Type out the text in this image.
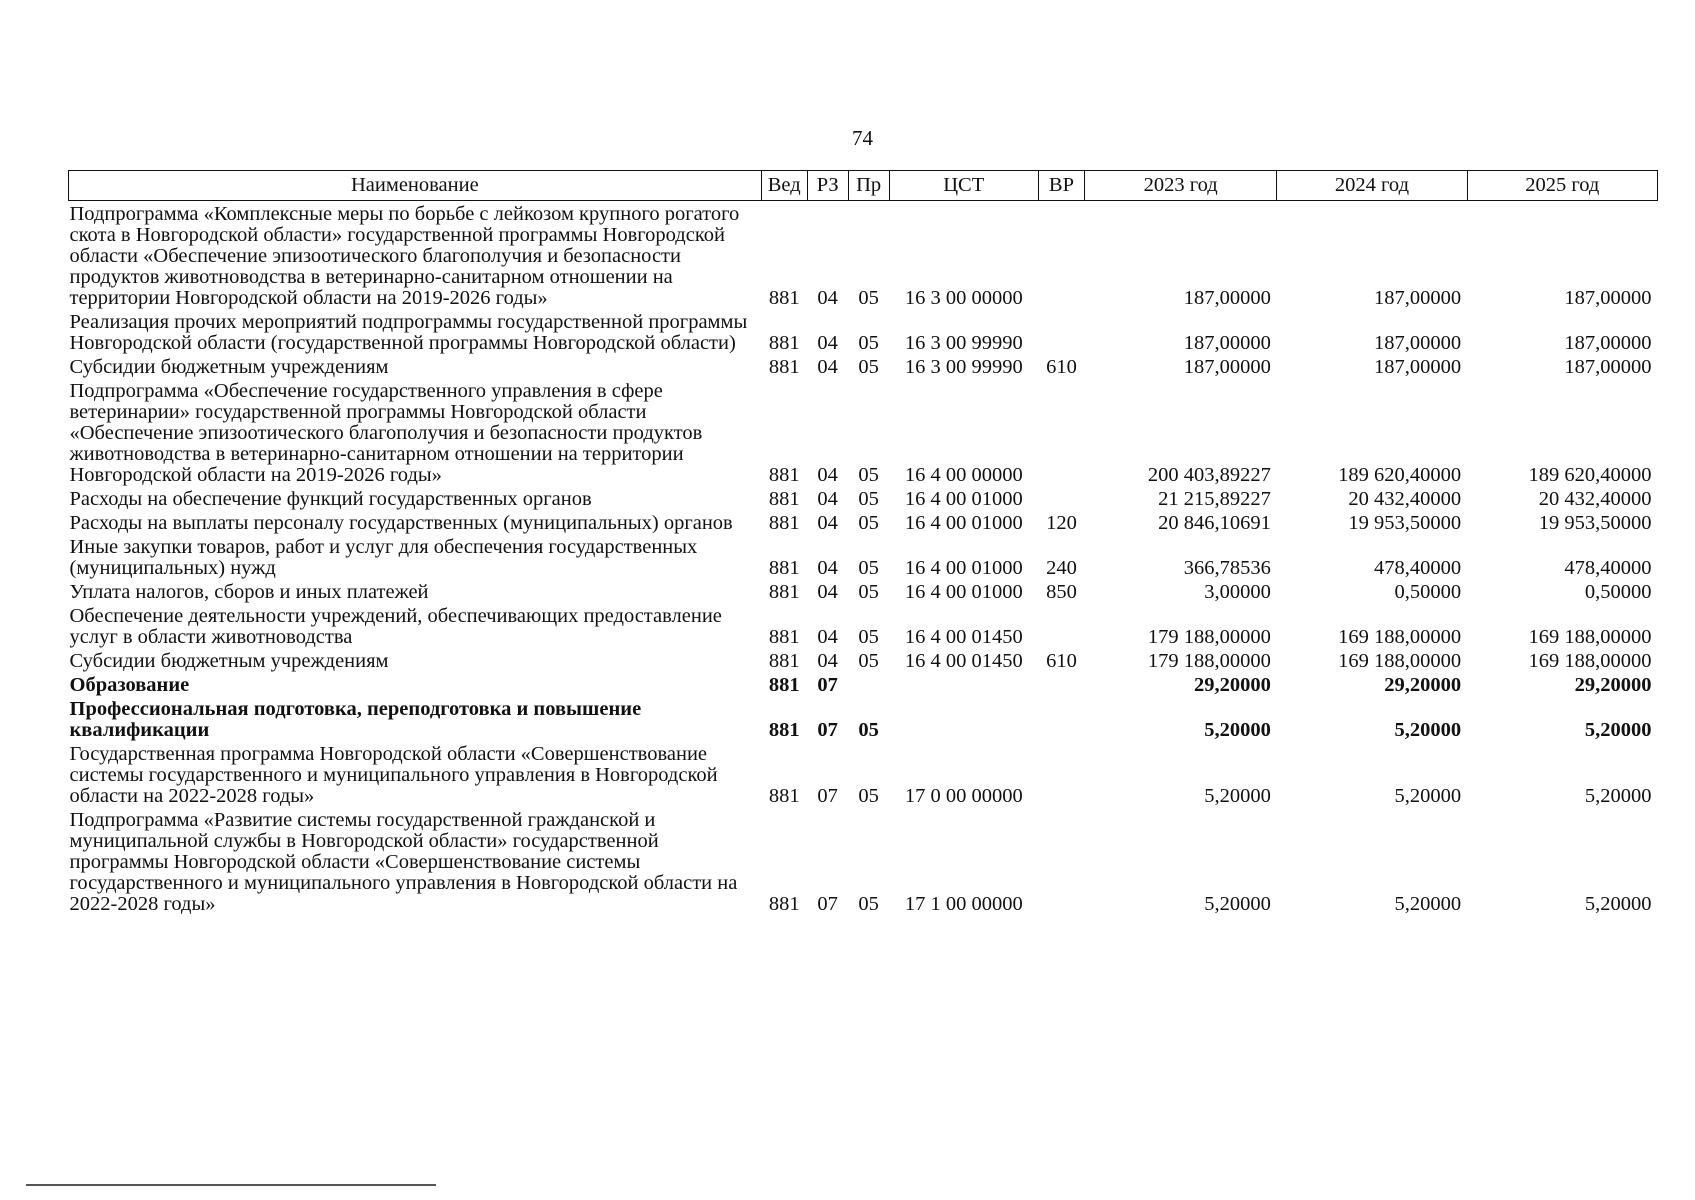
74
Наименование	Вед	РЗ	Пр	ЦСТ	ВР	2023 год	2024 год	2025 год
Подпрограмма «Комплексные меры по борьбе с лейкозом крупного рогатого скота в Новгородской области» государственной программы Новгородской области «Обеспечение эпизоотического благополучия и безопасности продуктов животноводства в ветеринарно-санитарном отношении на территории Новгородской области на 2019-2026 годы»	881	04	05	16 3 00 00000		187,00000	187,00000	187,00000
Реализация прочих мероприятий подпрограммы государственной программы Новгородской области (государственной программы Новгородской области)	881	04	05	16 3 00 99990		187,00000	187,00000	187,00000
Субсидии бюджетным учреждениям	881	04	05	16 3 00 99990	610	187,00000	187,00000	187,00000
Подпрограмма «Обеспечение государственного управления в сфере ветеринарии» государственной программы Новгородской области «Обеспечение эпизоотического благополучия и безопасности продуктов животноводства в ветеринарно-санитарном отношении на территории Новгородской области на 2019-2026 годы»	881	04	05	16 4 00 00000		200 403,89227	189 620,40000	189 620,40000
Расходы на обеспечение функций государственных органов	881	04	05	16 4 00 01000		21 215,89227	20 432,40000	20 432,40000
Расходы на выплаты персоналу государственных (муниципальных) органов	881	04	05	16 4 00 01000	120	20 846,10691	19 953,50000	19 953,50000
Иные закупки товаров, работ и услуг для обеспечения государственных (муниципальных) нужд	881	04	05	16 4 00 01000	240	366,78536	478,40000	478,40000
Уплата налогов, сборов и иных платежей	881	04	05	16 4 00 01000	850	3,00000	0,50000	0,50000
Обеспечение деятельности учреждений, обеспечивающих предоставление услуг в области животноводства	881	04	05	16 4 00 01450		179 188,00000	169 188,00000	169 188,00000
Субсидии бюджетным учреждениям	881	04	05	16 4 00 01450	610	179 188,00000	169 188,00000	169 188,00000
Образование	881	07				29,20000	29,20000	29,20000
Профессиональная подготовка, переподготовка и повышение квалификации	881	07	05			5,20000	5,20000	5,20000
Государственная программа Новгородской области «Совершенствование системы государственного и муниципального управления в Новгородской области на 2022-2028 годы»	881	07	05	17 0 00 00000		5,20000	5,20000	5,20000
Подпрограмма «Развитие системы государственной гражданской и муниципальной службы в Новгородской области» государственной программы Новгородской области «Совершенствование системы государственного и муниципального управления в Новгородской области на 2022-2028 годы»	881	07	05	17 1 00 00000		5,20000	5,20000	5,20000
